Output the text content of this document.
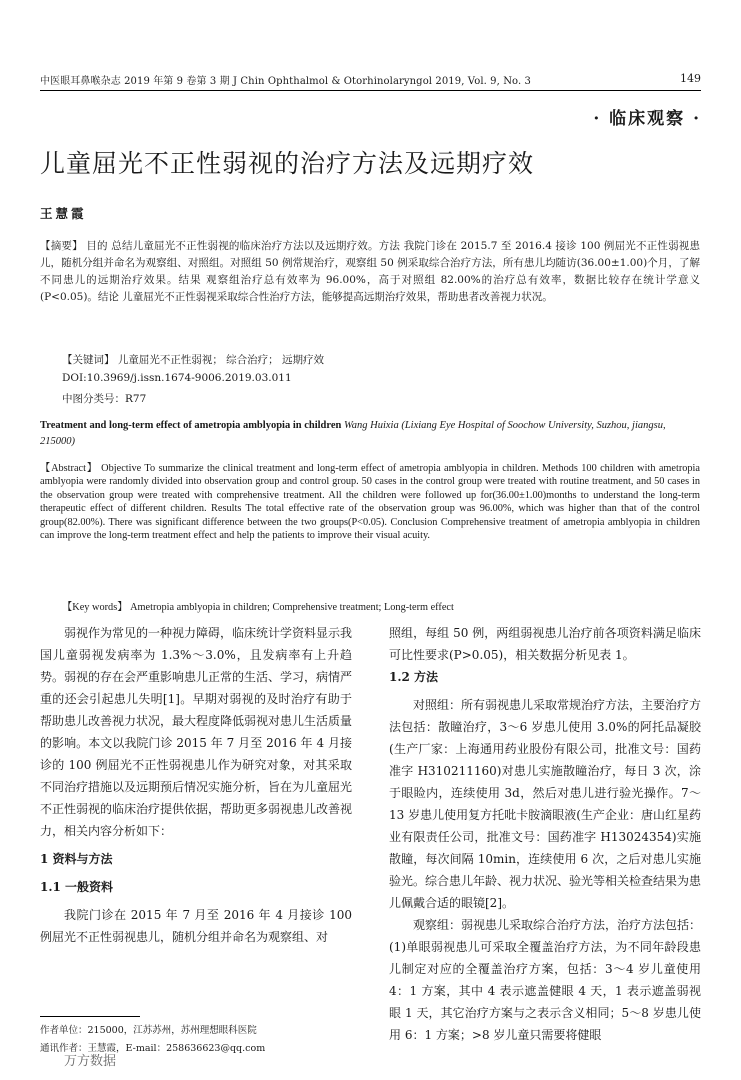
中医眼耳鼻喉杂志 2019 年第 9 卷第 3 期 J Chin Ophthalmol & Otorhinolaryngol 2019, Vol. 9, No. 3	149
· 临床观察 ·
儿童屈光不正性弱视的治疗方法及远期疗效
王慧霞

【摘要】 目的 总结儿童屈光不正性弱视的临床治疗方法以及远期疗效。方法 我院门诊在 2015.7 至 2016.4 接诊 100 例屈光不正性弱视患儿，随机分组并命名为观察组、对照组。对照组 50 例常规治疗，观察组 50 例采取综合治疗方法，所有患儿均随访(36.00±1.00)个月，了解不同患儿的远期治疗效果。结果 观察组治疗总有效率为 96.00%，高于对照组 82.00%的治疗总有效率，数据比较存在统计学意义(P<0.05)。结论 儿童屈光不正性弱视采取综合性治疗方法，能够提高远期治疗效果，帮助患者改善视力状况。

【关键词】 儿童屈光不正性弱视； 综合治疗； 远期疗效
DOI:10.3969/j.issn.1674-9006.2019.03.011
中图分类号：R77
Treatment and long-term effect of ametropia amblyopia in children Wang Huixia (Lixiang Eye Hospital of Soochow University, Suzhou, jiangsu, 215000)
【Abstract】 Objective To summarize the clinical treatment and long-term effect of ametropia amblyopia in children. Methods 100 children with ametropia amblyopia were randomly divided into observation group and control group. 50 cases in the control group were treated with routine treatment, and 50 cases in the observation group were treated with comprehensive treatment. All the children were followed up for(36.00±1.00)months to understand the long-term therapeutic effect of different children. Results The total effective rate of the observation group was 96.00%, which was higher than that of the control group(82.00%). There was significant difference between the two groups(P<0.05). Conclusion Comprehensive treatment of ametropia amblyopia in children can improve the long-term treatment effect and help the patients to improve their visual acuity.
【Key words】 Ametropia amblyopia in children; Comprehensive treatment; Long-term effect

弱视作为常见的一种视力障碍，临床统计学资料显示我国儿童弱视发病率为 1.3%～3.0%，且发病率有上升趋势。弱视的存在会严重影响患儿正常的生活、学习，病情严重的还会引起患儿失明[1]。早期对弱视的及时治疗有助于帮助患儿改善视力状况，最大程度降低弱视对患儿生活质量的影响。本文以我院门诊 2015 年 7 月至 2016 年 4 月接诊的 100 例屈光不正性弱视患儿作为研究对象，对其采取不同治疗措施以及远期预后情况实施分析，旨在为儿童屈光不正性弱视的临床治疗提供依据，帮助更多弱视患儿改善视力，相关内容分析如下：

1 资料与方法

1.1 一般资料

我院门诊在 2015 年 7 月至 2016 年 4 月接诊 100 例屈光不正性弱视患儿，随机分组并命名为观察组、对

照组，每组 50 例，两组弱视患儿治疗前各项资料满足临床可比性要求(P>0.05)，相关数据分析见表 1。

1.2 方法

对照组：所有弱视患儿采取常规治疗方法，主要治疗方法包括：散瞳治疗，3～6 岁患儿使用 3.0%的阿托品凝胶(生产厂家：上海通用药业股份有限公司，批准文号：国药准字 H310211160)对患儿实施散瞳治疗，每日 3 次，涂于眼睑内，连续使用 3d，然后对患儿进行验光操作。7～13 岁患儿使用复方托吡卡胺滴眼液(生产企业：唐山红星药业有限责任公司，批准文号：国药准字 H13024354)实施散瞳，每次间隔 10min，连续使用 6 次，之后对患儿实施验光。综合患儿年龄、视力状况、验光等相关检查结果为患儿佩戴合适的眼镜[2]。

观察组：弱视患儿采取综合治疗方法，治疗方法包括：(1)单眼弱视患儿可采取全覆盖治疗方法，为不同年龄段患儿制定对应的全覆盖治疗方案，包括：3～4 岁儿童使用 4：1 方案，其中 4 表示遮盖健眼 4 天，1 表示遮盖弱视眼 1 天，其它治疗方案与之表示含义相同；5～8 岁患儿使用 6：1 方案；>8 岁儿童只需要将健眼

作者单位：215000，江苏苏州，苏州理想眼科医院
通讯作者：王慧霞，E-mail：258636623@qq.com
万方数据
